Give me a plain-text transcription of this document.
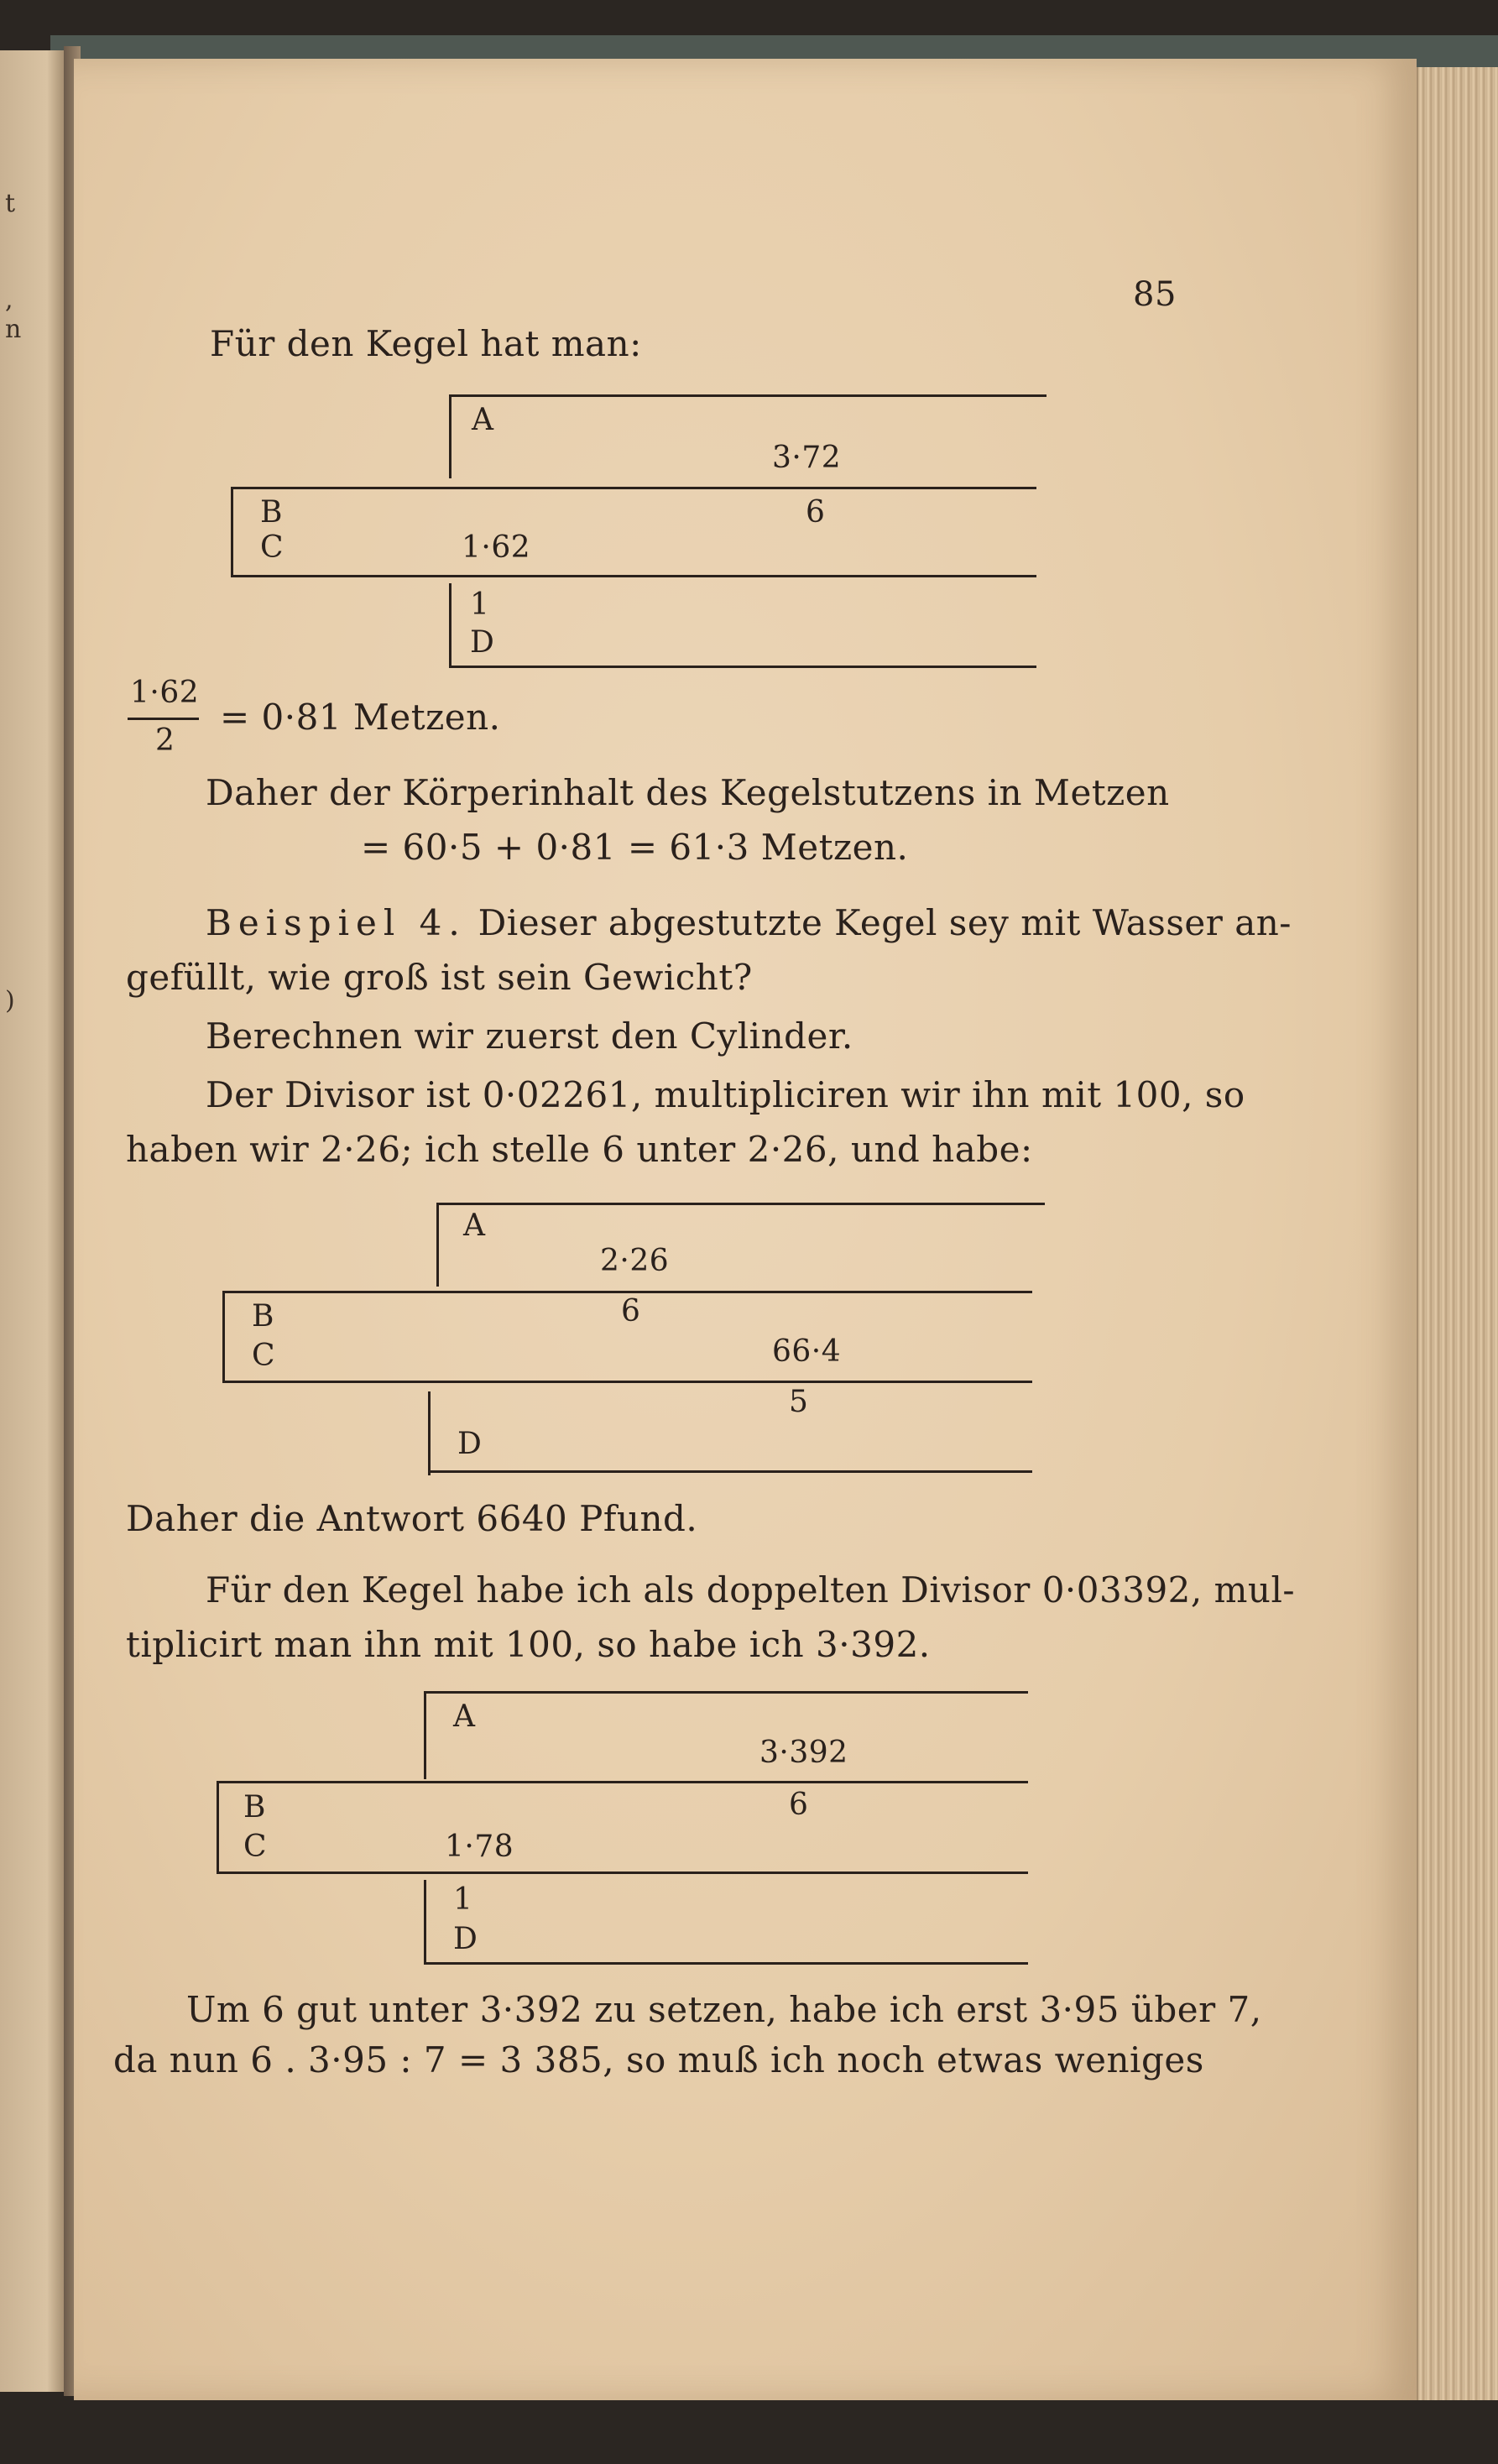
t
,
n
)
85
Für den Kegel hat man:
A
3·72
B	6
C	1·62
1
D
1·62
2
= 0·81 Metzen.
Daher der Körperinhalt des Kegelstutzens in Metzen
= 60·5 + 0·81 = 61·3 Metzen.
Beispiel 4. Dieser abgestutzte Kegel sey mit Wasser an-
gefüllt, wie groß ist sein Gewicht?
Berechnen wir zuerst den Cylinder.
Der Divisor ist 0·02261, multipliciren wir ihn mit 100, so
haben wir 2·26; ich stelle 6 unter 2·26, und habe:
A
2·26
B	6
C	66·4
5
D
Daher die Antwort 6640 Pfund.
Für den Kegel habe ich als doppelten Divisor 0·03392, mul-
tiplicirt man ihn mit 100, so habe ich 3·392.
A
3·392
B	6
C	1·78
1
D
Um 6 gut unter 3·392 zu setzen, habe ich erst 3·95 über 7,
da nun 6 . 3·95 : 7 = 3 385, so muß ich noch etwas weniges
